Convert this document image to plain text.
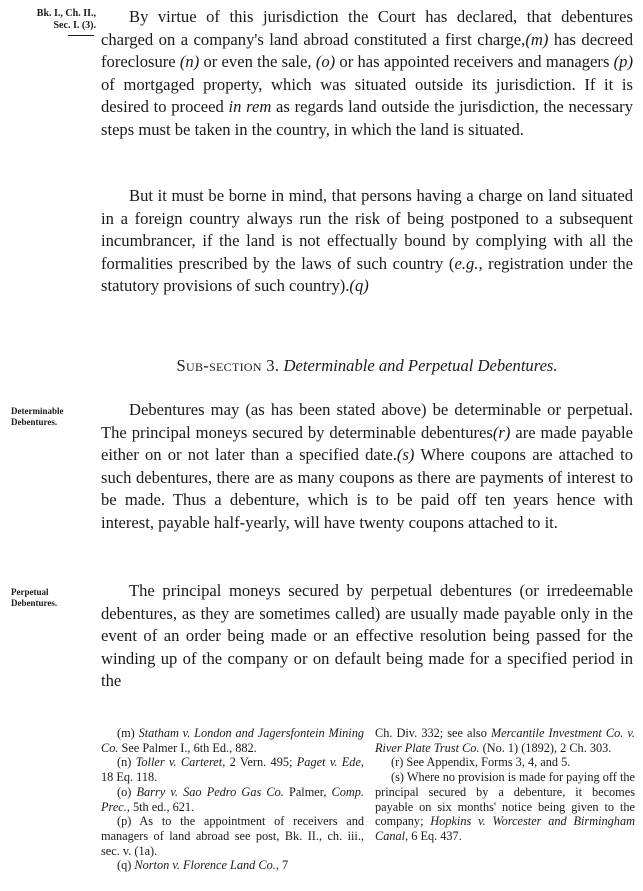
Bk. I., Ch. II.,
Sec. I. (3).
Determinable
Debentures.
Perpetual
Debentures.

By virtue of this jurisdiction the Court has declared, that debentures charged on a company's land abroad constituted a first charge,(m) has decreed foreclosure (n) or even the sale, (o) or has appointed receivers and managers (p) of mortgaged property, which was situated outside its jurisdiction. If it is desired to proceed in rem as regards land outside the jurisdiction, the necessary steps must be taken in the country, in which the land is situated.

But it must be borne in mind, that persons having a charge on land situated in a foreign country always run the risk of being postponed to a subsequent incumbrancer, if the land is not effectually bound by complying with all the formalities prescribed by the laws of such country (e.g., registration under the statutory provisions of such country).(q)

Sub-section 3. Determinable and Perpetual Debentures.

Debentures may (as has been stated above) be determinable or perpetual. The principal moneys secured by determinable debentures(r) are made payable either on or not later than a specified date.(s) Where coupons are attached to such debentures, there are as many coupons as there are payments of interest to be made. Thus a debenture, which is to be paid off ten years hence with interest, payable half-yearly, will have twenty coupons attached to it.

The principal moneys secured by perpetual debentures (or irredeemable debentures, as they are sometimes called) are usually made payable only in the event of an order being made or an effective resolution being passed for the winding up of the company or on default being made for a specified period in the

(m) Statham v. London and Jagersfontein Mining Co. See Palmer I., 6th Ed., 882.

(n) Toller v. Carteret, 2 Vern. 495; Paget v. Ede, 18 Eq. 118.

(o) Barry v. Sao Pedro Gas Co. Palmer, Comp. Prec., 5th ed., 621.

(p) As to the appointment of receivers and managers of land abroad see post, Bk. II., ch. iii., sec. v. (1a).

(q) Norton v. Florence Land Co., 7

Ch. Div. 332; see also Mercantile Investment Co. v. River Plate Trust Co. (No. 1) (1892), 2 Ch. 303.

(r) See Appendix, Forms 3, 4, and 5.

(s) Where no provision is made for paying off the principal secured by a debenture, it becomes payable on six months' notice being given to the company; Hopkins v. Worcester and Birmingham Canal, 6 Eq. 437.
